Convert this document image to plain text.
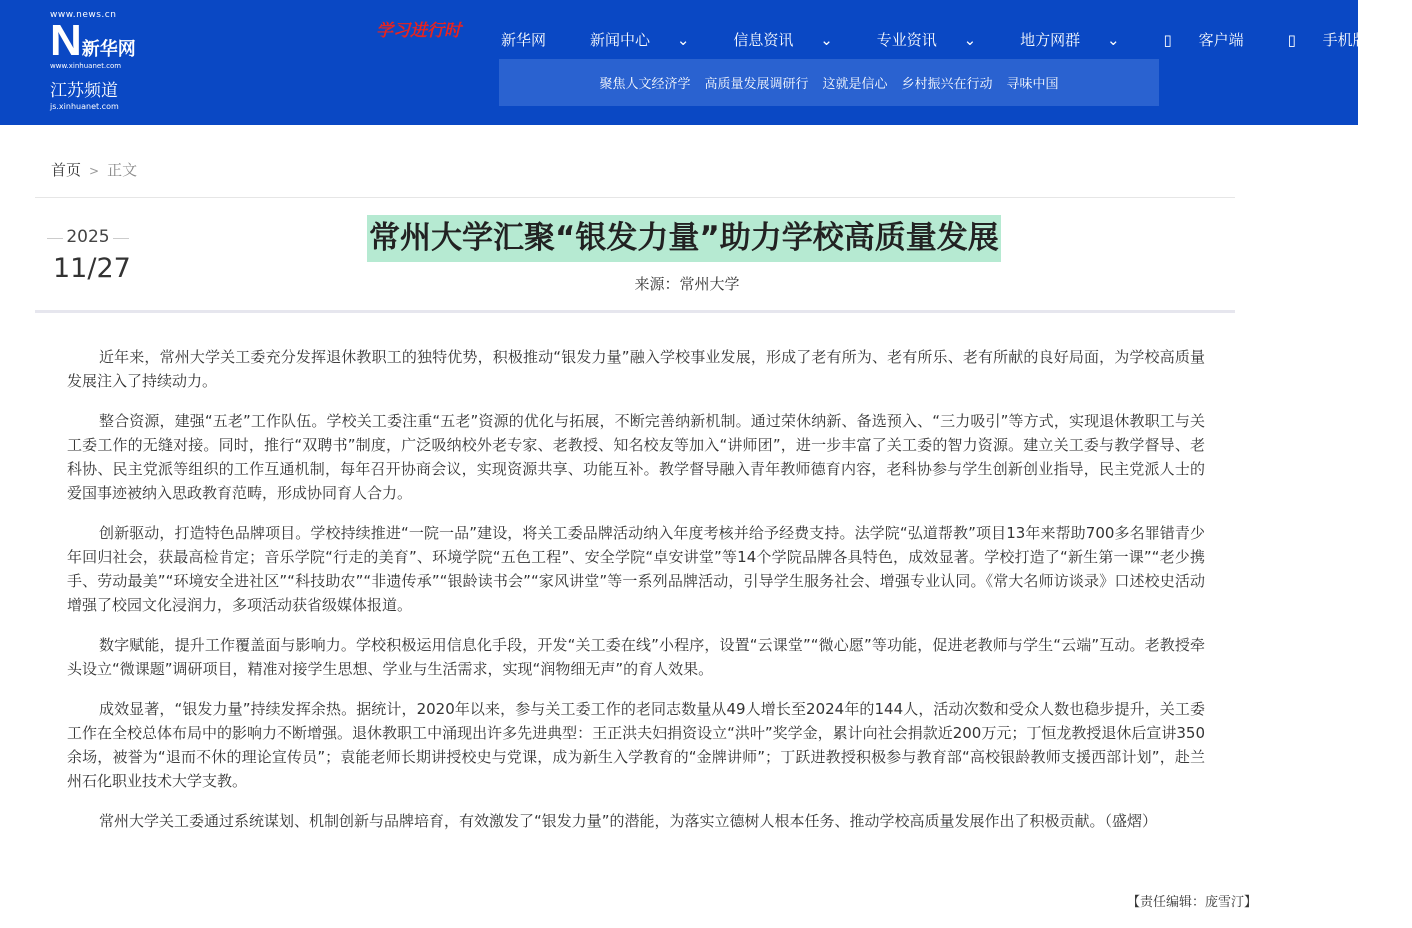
www.news.cn
N 新华网
www.xinhuanet.com
江苏频道
js.xinhuanet.com
学习进行时	新华网	新闻中心 ⌄	信息资讯 ⌄	专业资讯 ⌄	地方网群 ⌄	▯ 客户端	▯ 手机版
聚焦人文经济学 高质量发展调研行 这就是信心 乡村振兴在行动 寻味中国
首页 > 正文
2025
11/27
常州大学汇聚“银发力量”助力学校高质量发展
来源：常州大学

近年来，常州大学关工委充分发挥退休教职工的独特优势，积极推动“银发力量”融入学校事业发展，形成了老有所为、老有所乐、老有所献的良好局面，为学校高质量发展注入了持续动力。

整合资源，建强“五老”工作队伍。学校关工委注重“五老”资源的优化与拓展，不断完善纳新机制。通过荣休纳新、备选预入、“三力吸引”等方式，实现退休教职工与关工委工作的无缝对接。同时，推行“双聘书”制度，广泛吸纳校外老专家、老教授、知名校友等加入“讲师团”，进一步丰富了关工委的智力资源。建立关工委与教学督导、老科协、民主党派等组织的工作互通机制，每年召开协商会议，实现资源共享、功能互补。教学督导融入青年教师德育内容，老科协参与学生创新创业指导，民主党派人士的爱国事迹被纳入思政教育范畴，形成协同育人合力。

创新驱动，打造特色品牌项目。学校持续推进“一院一品”建设，将关工委品牌活动纳入年度考核并给予经费支持。法学院“弘道帮教”项目13年来帮助700多名罪错青少年回归社会，获最高检肯定；音乐学院“行走的美育”、环境学院“五色工程”、安全学院“卓安讲堂”等14个学院品牌各具特色，成效显著。学校打造了“新生第一课”“老少携手、劳动最美”“环境安全进社区”“科技助农”“非遗传承”“银龄读书会”“家风讲堂”等一系列品牌活动，引导学生服务社会、增强专业认同。《常大名师访谈录》口述校史活动增强了校园文化浸润力，多项活动获省级媒体报道。

数字赋能，提升工作覆盖面与影响力。学校积极运用信息化手段，开发“关工委在线”小程序，设置“云课堂”“微心愿”等功能，促进老教师与学生“云端”互动。老教授牵头设立“微课题”调研项目，精准对接学生思想、学业与生活需求，实现“润物细无声”的育人效果。

成效显著，“银发力量”持续发挥余热。据统计，2020年以来，参与关工委工作的老同志数量从49人增长至2024年的144人，活动次数和受众人数也稳步提升，关工委工作在全校总体布局中的影响力不断增强。退休教职工中涌现出许多先进典型：王正洪夫妇捐资设立“洪叶”奖学金，累计向社会捐款近200万元；丁恒龙教授退休后宣讲350余场，被誉为“退而不休的理论宣传员”；袁能老师长期讲授校史与党课，成为新生入学教育的“金牌讲师”；丁跃进教授积极参与教育部“高校银龄教师支援西部计划”，赴兰州石化职业技术大学支教。

常州大学关工委通过系统谋划、机制创新与品牌培育，有效激发了“银发力量”的潜能，为落实立德树人根本任务、推动学校高质量发展作出了积极贡献。（盛熠）

【责任编辑：庞雪汀】
